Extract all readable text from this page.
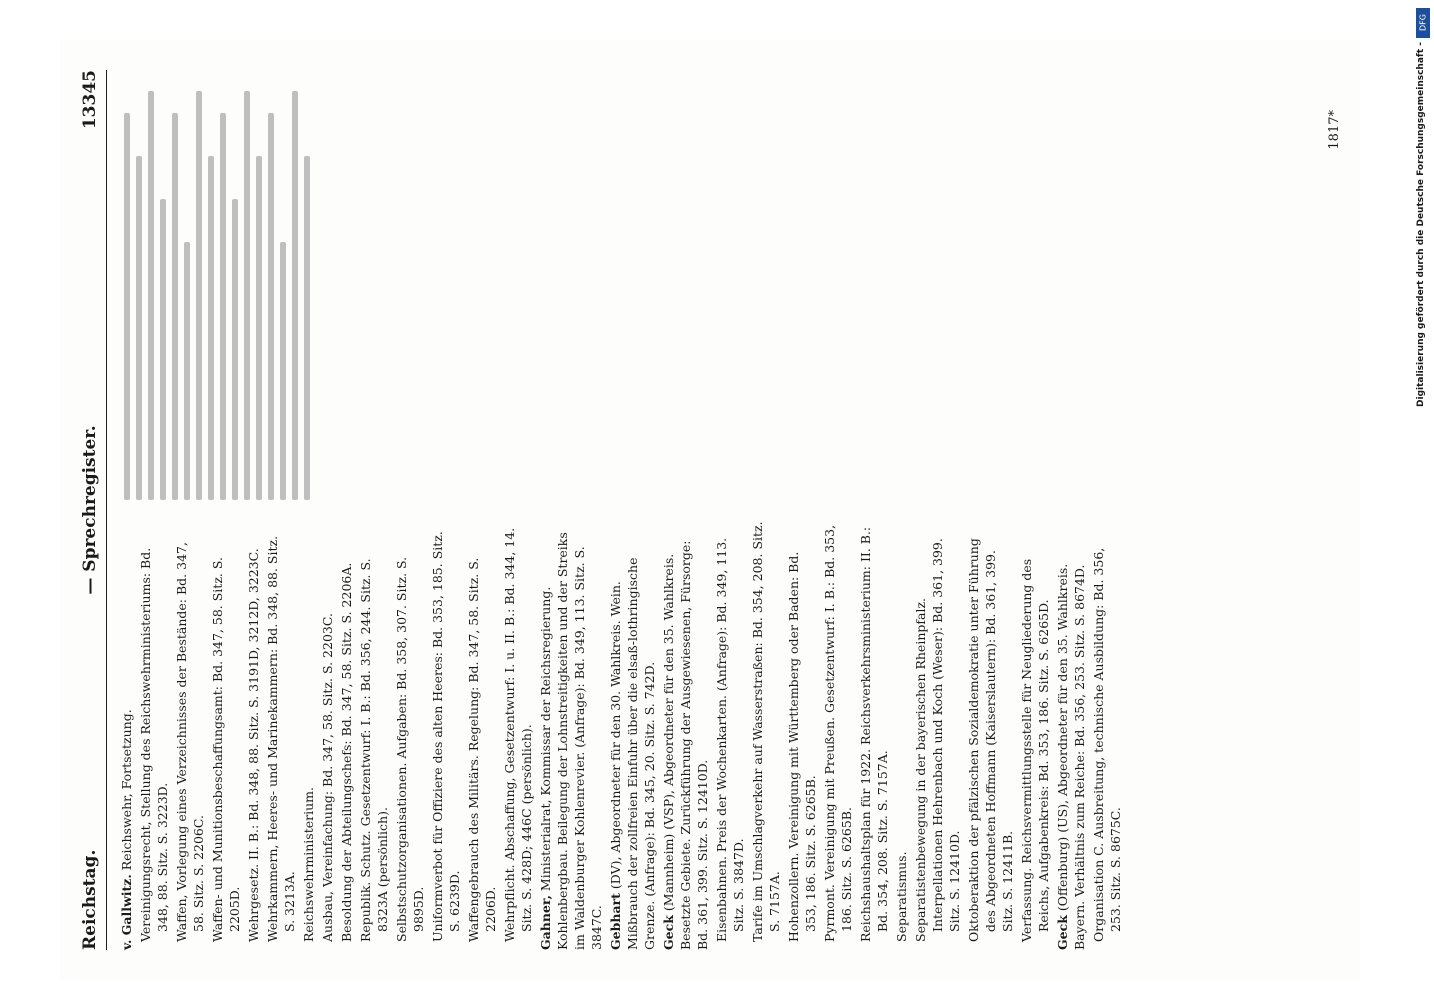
Reichstag.
— Sprechregister.
13345

v. Gallwitz. Reichswehr, Fortsetzung. Vereinigungsrecht, Stellung des Reichswehrministeriums: Bd. 348, 88. Sitz. S. 3223D. Waffen, Vorlegung eines Verzeichnisses der Bestände: Bd. 347, 58. Sitz. S. 2206C. Waffen- und Munitionsbeschaffungsamt: Bd. 347, 58. Sitz. S. 2205D. Wehrgesetz. II. B.: Bd. 348, 88. Sitz. S. 3191D, 3212D, 3223C. Wehrkammern, Heeres- und Marinekammern: Bd. 348, 88. Sitz. S. 3213A. Reichswehrministerium. Ausbau, Vereinfachung: Bd. 347, 58. Sitz. S. 2203C. Besoldung der Abteilungschefs: Bd. 347, 58. Sitz. S. 2206A. Republik. Schutz. Gesetzentwurf: I. B.: Bd. 356, 244. Sitz. S. 8323A (persönlich). Selbstschutzorganisationen. Aufgaben: Bd. 358, 307. Sitz. S. 9895D. Uniformverbot für Offiziere des alten Heeres: Bd. 353, 185. Sitz. S. 6239D. Waffengebrauch des Militärs. Regelung: Bd. 347, 58. Sitz. S. 2206D. Wehrpflicht. Abschaffung, Gesetzentwurf: I. u. II. B.: Bd. 344, 14. Sitz. S. 428D; 446C (persönlich). Gahner, Ministerialrat, Kommissar der Reichsregierung. Kohlenbergbau. Beilegung der Lohnstreitigkeiten und der Streiks im Waldenburger Kohlenrevier. (Anfrage): Bd. 349, 113. Sitz. S. 3847C. Gebhart (DV), Abgeordneter für den 30. Wahlkreis. Wein. Mißbrauch der zollfreien Einfuhr über die elsaß-lothringische Grenze. (Anfrage): Bd. 345, 20. Sitz. S. 742D. Geck (Mannheim) (VSP), Abgeordneter für den 35. Wahlkreis. Besetzte Gebiete. Zurückführung der Ausgewiesenen, Fürsorge: Bd. 361, 399. Sitz. S. 12410D. Eisenbahnen. Preis der Wochenkarten. (Anfrage): Bd. 349, 113. Sitz. S. 3847D. Tarife im Umschlagverkehr auf Wasserstraßen: Bd. 354, 208. Sitz. S. 7157A. Hohenzollern. Vereinigung mit Württemberg oder Baden: Bd. 353, 186. Sitz. S. 6265B. Pyrmont. Vereinigung mit Preußen. Gesetzentwurf: I. B.: Bd. 353, 186. Sitz. S. 6265B. Reichshaushaltsplan für 1922. Reichsverkehrsministerium: II. B.: Bd. 354, 208. Sitz. S. 7157A. Separatismus. Separatistenbewegung in der bayerischen Rheinpfalz. Interpellationen Hehrenbach und Koch (Weser): Bd. 361, 399. Sitz. S. 12410D. Oktoberaktion der pfälzischen Sozialdemokratie unter Führung des Abgeordneten Hoffmann (Kaiserslautern): Bd. 361, 399. Sitz. S. 12411B. Verfassung. Reichsvermittlungsstelle für Neugliederung des Reichs, Aufgabenkreis: Bd. 353, 186. Sitz. S. 6265D.

Geck (Offenburg) (US), Abgeordneter für den 35. Wahlkreis. Bayern. Verhältnis zum Reiche: Bd. 356, 253. Sitz. S. 8674D. Organisation C. Ausbreitung, technische Ausbildung: Bd. 356, 253. Sitz. S. 8675C.

1817*
DFG
Digitalisierung gefördert durch die Deutsche Forschungsgemeinschaft -
